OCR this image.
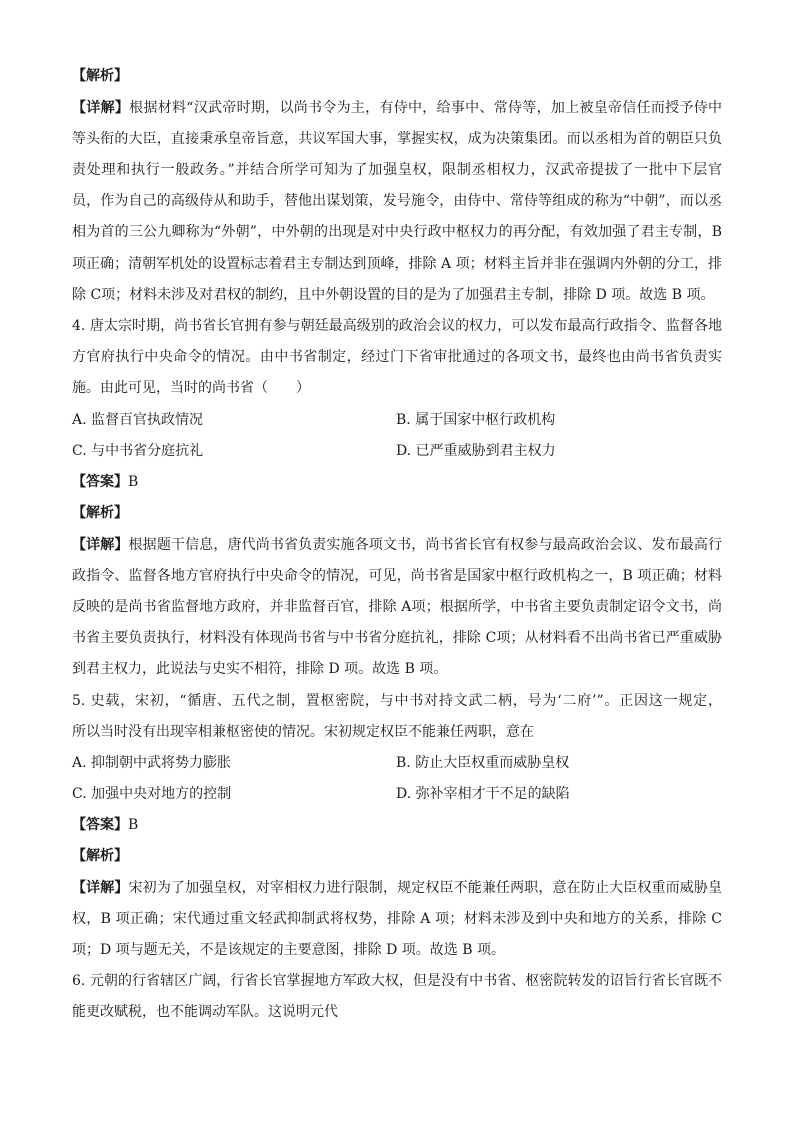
【解析】
【详解】根据材料“汉武帝时期，以尚书令为主，有侍中，给事中、常侍等，加上被皇帝信任而授予侍中
等头衔的大臣，直接秉承皇帝旨意，共议军国大事，掌握实权，成为决策集团。而以丞相为首的朝臣只负
责处理和执行一般政务。”并结合所学可知为了加强皇权，限制丞相权力，汉武帝提拔了一批中下层官
员，作为自己的高级侍从和助手，替他出谋划策，发号施令，由侍中、常侍等组成的称为“中朝”，而以丞
相为首的三公九卿称为“外朝”，中外朝的出现是对中央行政中枢权力的再分配，有效加强了君主专制，B
项正确；清朝军机处的设置标志着君主专制达到顶峰，排除 A 项；材料主旨并非在强调内外朝的分工，排
除 C项；材料未涉及对君权的制约，且中外朝设置的目的是为了加强君主专制，排除 D 项。故选 B 项。
4. 唐太宗时期，尚书省长官拥有参与朝廷最高级别的政治会议的权力，可以发布最高行政指令、监督各地
方官府执行中央命令的情况。由中书省制定，经过门下省审批通过的各项文书，最终也由尚书省负责实
施。由此可见，当时的尚书省（　　）
A. 监督百官执政情况	B. 属于国家中枢行政机构
C. 与中书省分庭抗礼	D. 已严重威胁到君主权力
【答案】B
【解析】
【详解】根据题干信息，唐代尚书省负责实施各项文书，尚书省长官有权参与最高政治会议、发布最高行
政指令、监督各地方官府执行中央命令的情况，可见，尚书省是国家中枢行政机构之一，B 项正确；材料
反映的是尚书省监督地方政府，并非监督百官，排除 A项；根据所学，中书省主要负责制定诏令文书，尚
书省主要负责执行，材料没有体现尚书省与中书省分庭抗礼，排除 C项；从材料看不出尚书省已严重威胁
到君主权力，此说法与史实不相符，排除 D 项。故选 B 项。
5. 史载，宋初，“循唐、五代之制，置枢密院，与中书对持文武二柄，号为‘二府’”。正因这一规定，
所以当时没有出现宰相兼枢密使的情况。宋初规定权臣不能兼任两职，意在
A. 抑制朝中武将势力膨胀	B. 防止大臣权重而威胁皇权
C. 加强中央对地方的控制	D. 弥补宰相才干不足的缺陷
【答案】B
【解析】
【详解】宋初为了加强皇权，对宰相权力进行限制，规定权臣不能兼任两职，意在防止大臣权重而威胁皇
权，B 项正确；宋代通过重文轻武抑制武将权势，排除 A 项；材料未涉及到中央和地方的关系，排除 C
项；D 项与题无关，不是该规定的主要意图，排除 D 项。故选 B 项。
6. 元朝的行省辖区广阔，行省长官掌握地方军政大权，但是没有中书省、枢密院转发的诏旨行省长官既不
能更改赋税，也不能调动军队。这说明元代
